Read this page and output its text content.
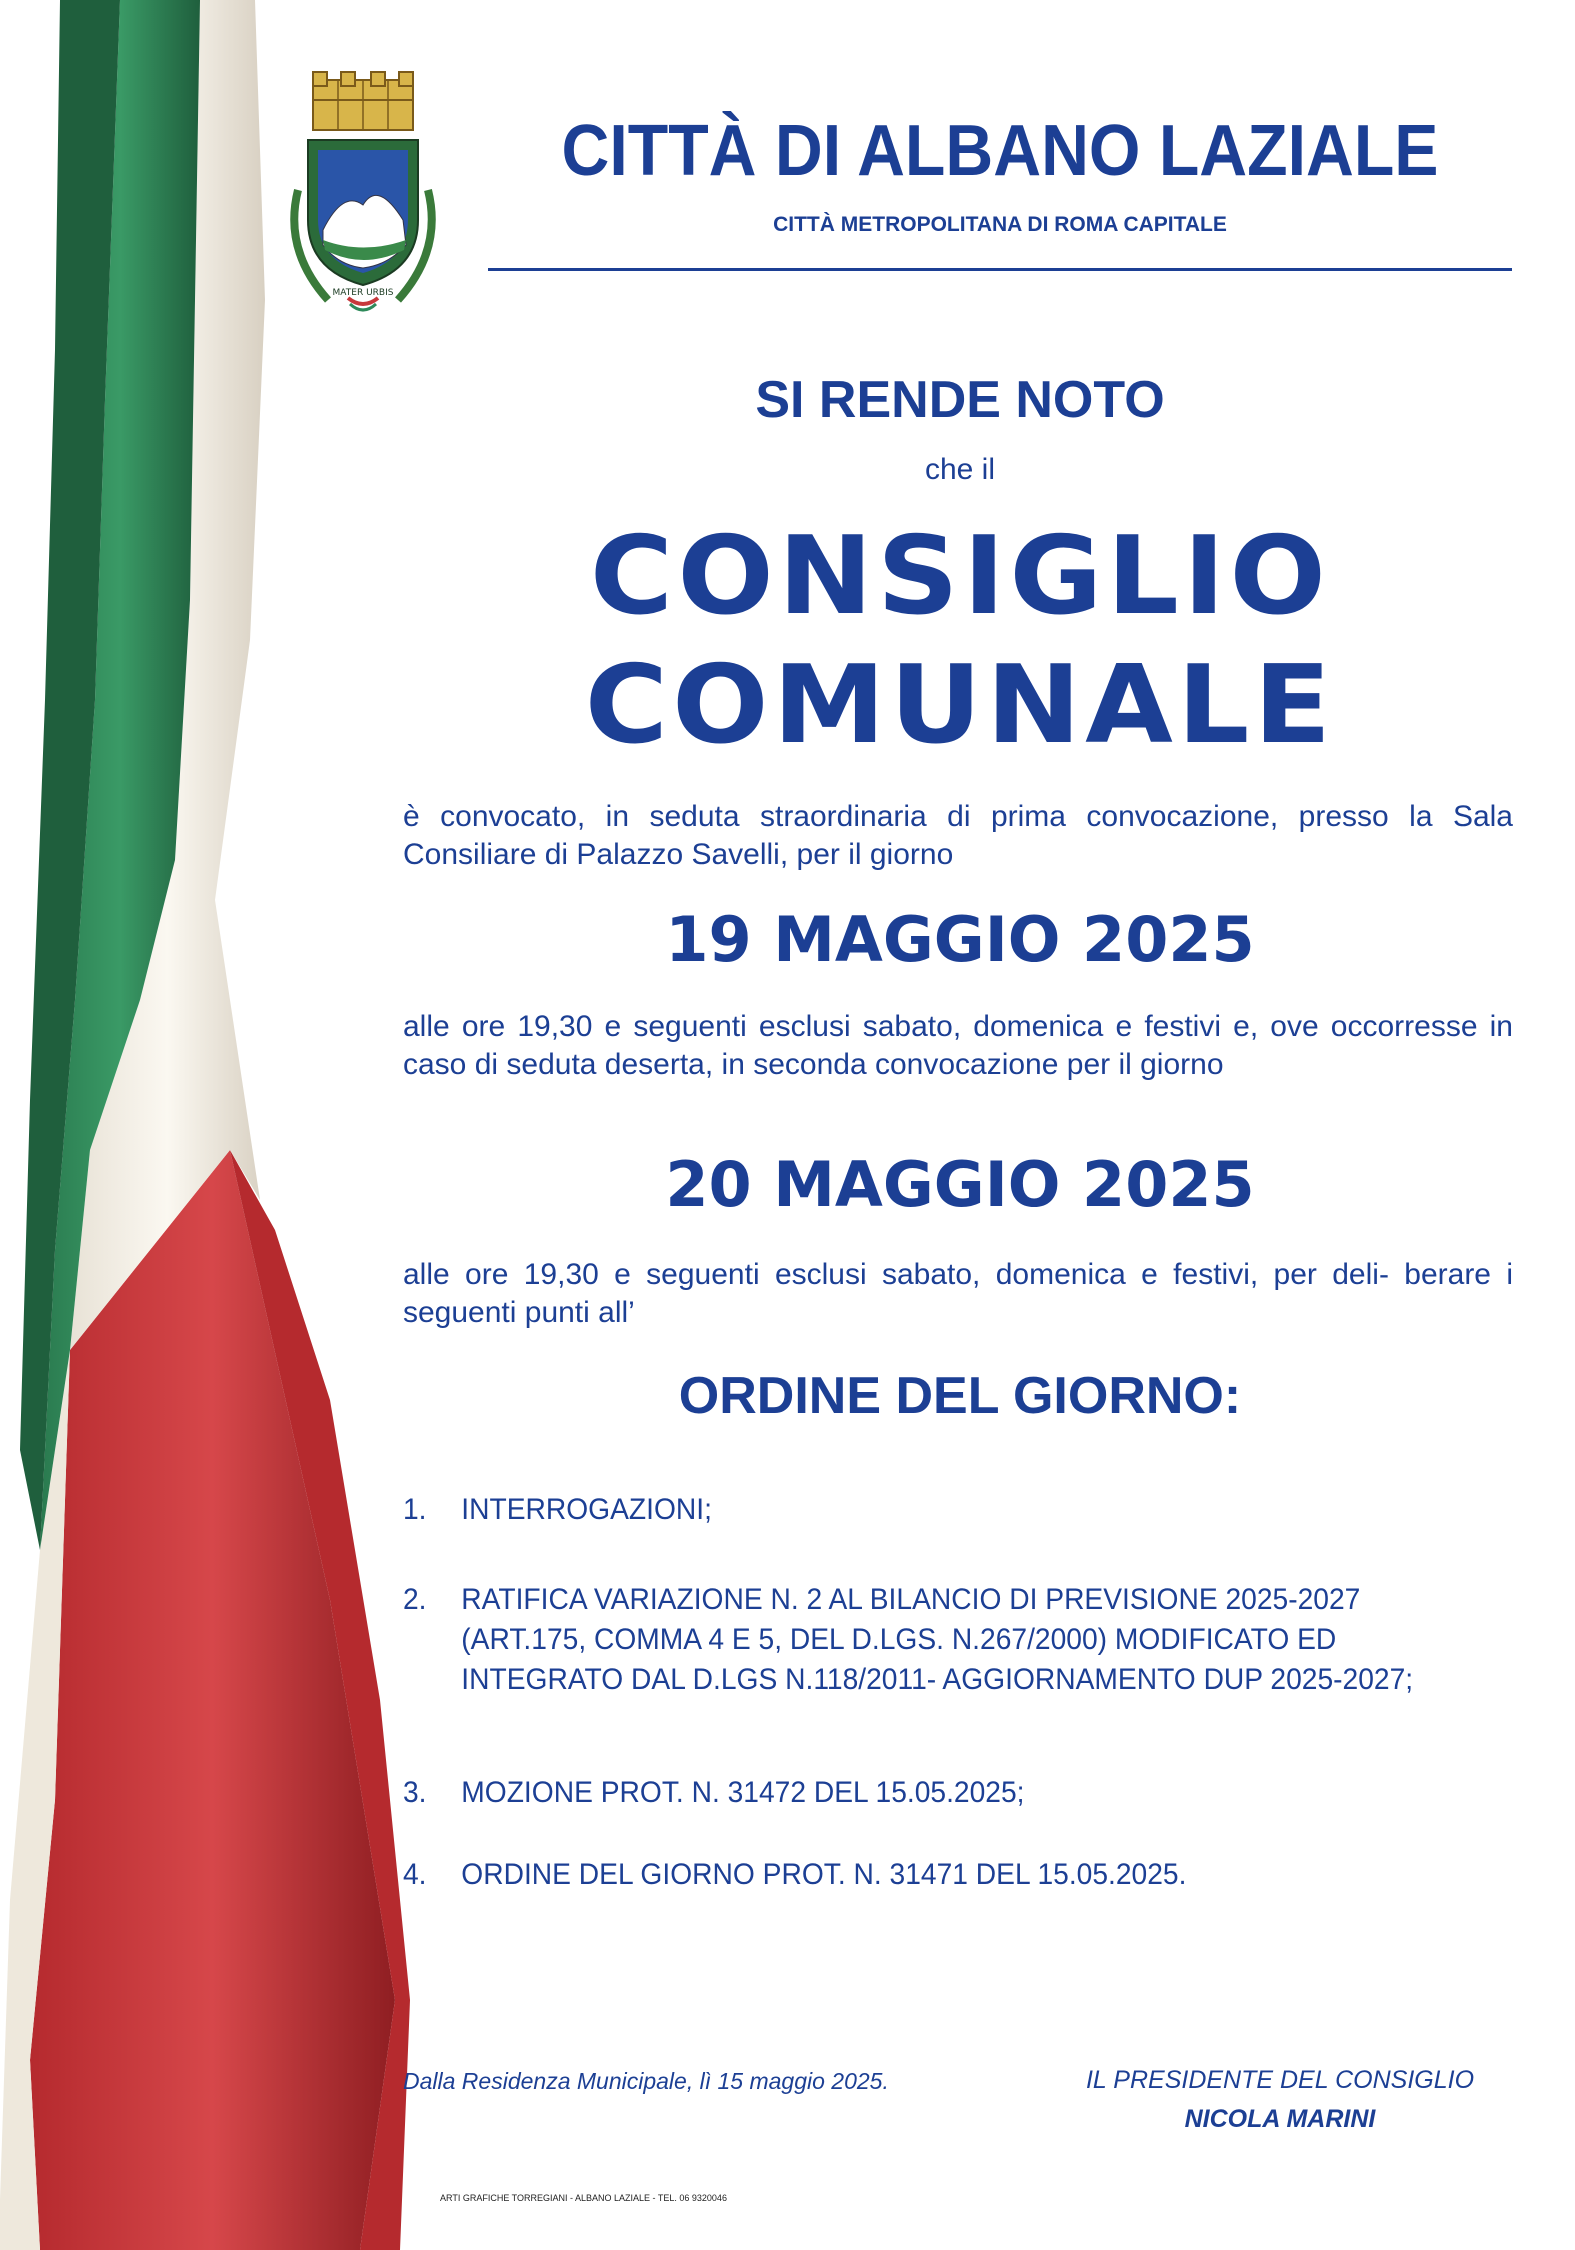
MATER URBIS
CITTÀ DI ALBANO LAZIALE
CITTÀ METROPOLITANA DI ROMA CAPITALE
SI RENDE NOTO
che il
CONSIGLIO
COMUNALE
è convocato, in seduta straordinaria di prima convocazione, presso la Sala Consiliare di Palazzo Savelli, per il giorno
19 MAGGIO 2025
alle ore 19,30 e seguenti esclusi sabato, domenica e festivi e, ove occorresse in caso di seduta deserta, in seconda convocazione per il giorno
20 MAGGIO 2025
alle ore 19,30 e seguenti esclusi sabato, domenica e festivi, per deli- berare i seguenti punti all’
ORDINE DEL GIORNO:
1. INTERROGAZIONI;
2. RATIFICA VARIAZIONE N. 2 AL BILANCIO DI PREVISIONE 2025-2027 (ART.175, COMMA 4 E 5, DEL D.LGS. N.267/2000) MODIFICATO ED INTEGRATO DAL D.LGS N.118/2011- AGGIORNAMENTO DUP 2025-2027;
3. MOZIONE PROT. N. 31472 DEL 15.05.2025;
4. ORDINE DEL GIORNO PROT. N. 31471 DEL 15.05.2025.
Dalla Residenza Municipale, lì 15 maggio 2025.	IL PRESIDENTE DEL CONSIGLIO
NICOLA MARINI
ARTI GRAFICHE TORREGIANI - ALBANO LAZIALE - TEL. 06 9320046
